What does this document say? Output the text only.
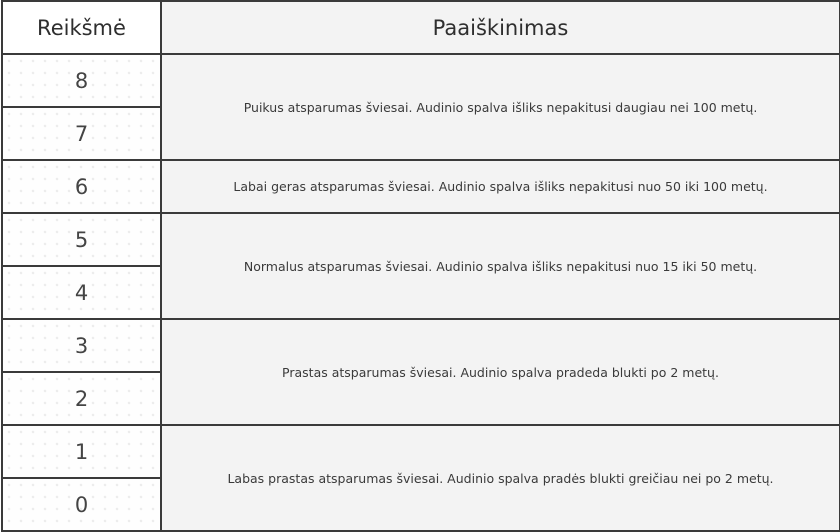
Reikšmė	Paaiškinimas
8	Puikus atsparumas šviesai. Audinio spalva išliks nepakitusi daugiau nei 100 metų.
7	
6	Labai geras atsparumas šviesai. Audinio spalva išliks nepakitusi nuo 50 iki 100 metų.
5	Normalus atsparumas šviesai. Audinio spalva išliks nepakitusi nuo 15 iki 50 metų.
4	
3	Prastas atsparumas šviesai. Audinio spalva pradeda blukti po 2 metų.
2	
1	Labas prastas atsparumas šviesai. Audinio spalva pradės blukti greičiau nei po 2 metų.
0	
